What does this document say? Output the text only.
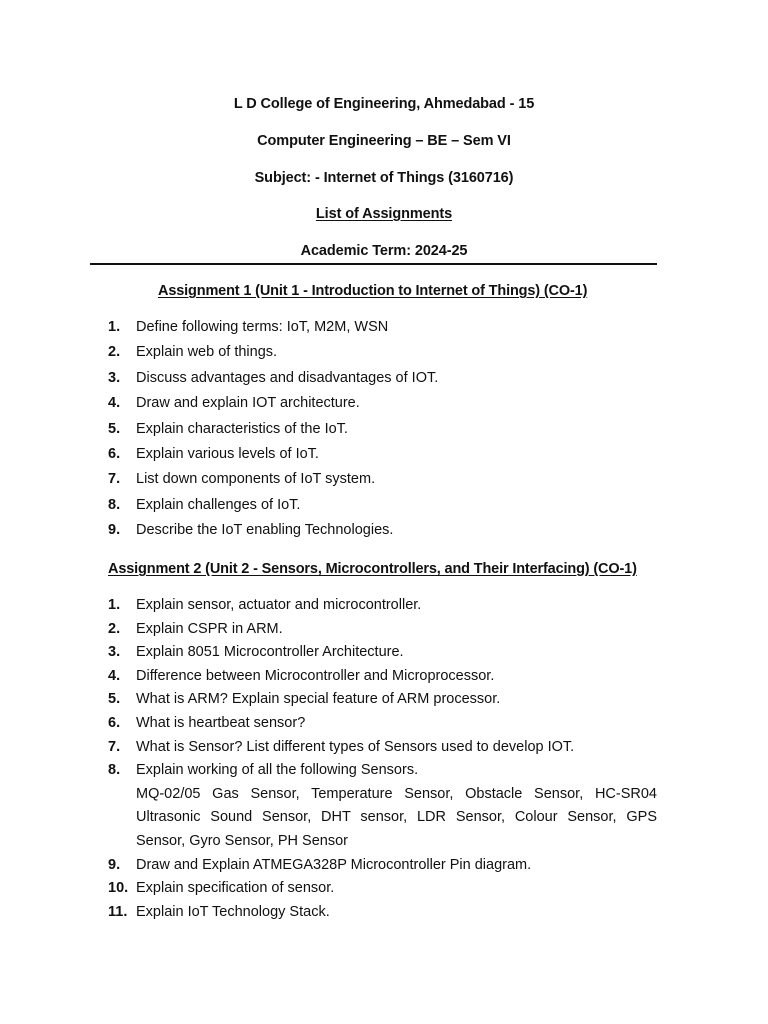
L D College of Engineering, Ahmedabad - 15
Computer Engineering – BE – Sem VI
Subject: - Internet of Things (3160716)
List of Assignments
Academic Term: 2024-25
Assignment 1 (Unit 1 - Introduction to Internet of Things) (CO-1)
1.	Define following terms: IoT, M2M, WSN
2.	Explain web of things.
3.	Discuss advantages and disadvantages of IOT.
4.	Draw and explain IOT architecture.
5.	Explain characteristics of the IoT.
6.	Explain various levels of IoT.
7.	List down components of IoT system.
8.	Explain challenges of IoT.
9.	Describe the IoT enabling Technologies.
Assignment 2 (Unit 2 - Sensors, Microcontrollers, and Their Interfacing) (CO-1)
1.	Explain sensor, actuator and microcontroller.
2.	Explain CSPR in ARM.
3.	Explain 8051 Microcontroller Architecture.
4.	Difference between Microcontroller and Microprocessor.
5.	What is ARM? Explain special feature of ARM processor.
6.	What is heartbeat sensor?
7.	What is Sensor? List different types of Sensors used to develop IOT.
8.	Explain working of all the following Sensors.
MQ-02/05 Gas Sensor, Temperature Sensor, Obstacle Sensor, HC-SR04 Ultrasonic Sound Sensor, DHT sensor, LDR Sensor, Colour Sensor, GPS Sensor, Gyro Sensor, PH Sensor
9.	Draw and Explain ATMEGA328P Microcontroller Pin diagram.
10. Explain specification of sensor.
11. Explain IoT Technology Stack.
